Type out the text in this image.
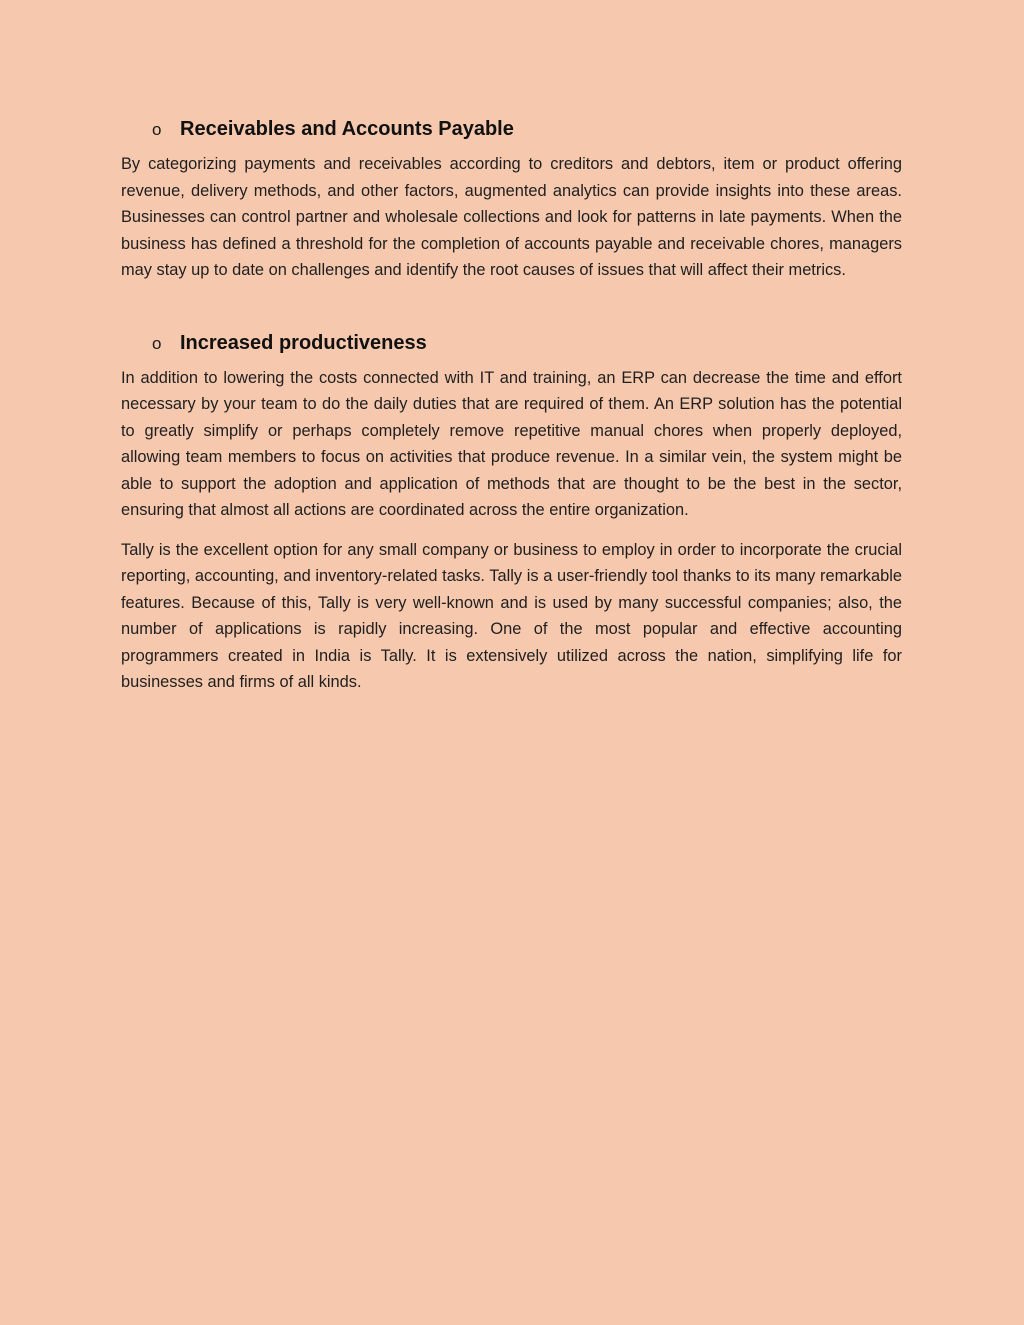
o Receivables and Accounts Payable

By categorizing payments and receivables according to creditors and debtors, item or product offering revenue, delivery methods, and other factors, augmented analytics can provide insights into these areas. Businesses can control partner and wholesale collections and look for patterns in late payments. When the business has defined a threshold for the completion of accounts payable and receivable chores, managers may stay up to date on challenges and identify the root causes of issues that will affect their metrics.

o Increased productiveness

In addition to lowering the costs connected with IT and training, an ERP can decrease the time and effort necessary by your team to do the daily duties that are required of them. An ERP solution has the potential to greatly simplify or perhaps completely remove repetitive manual chores when properly deployed, allowing team members to focus on activities that produce revenue. In a similar vein, the system might be able to support the adoption and application of methods that are thought to be the best in the sector, ensuring that almost all actions are coordinated across the entire organization.

Tally is the excellent option for any small company or business to employ in order to incorporate the crucial reporting, accounting, and inventory-related tasks. Tally is a user-friendly tool thanks to its many remarkable features. Because of this, Tally is very well-known and is used by many successful companies; also, the number of applications is rapidly increasing. One of the most popular and effective accounting programmers created in India is Tally. It is extensively utilized across the nation, simplifying life for businesses and firms of all kinds.
